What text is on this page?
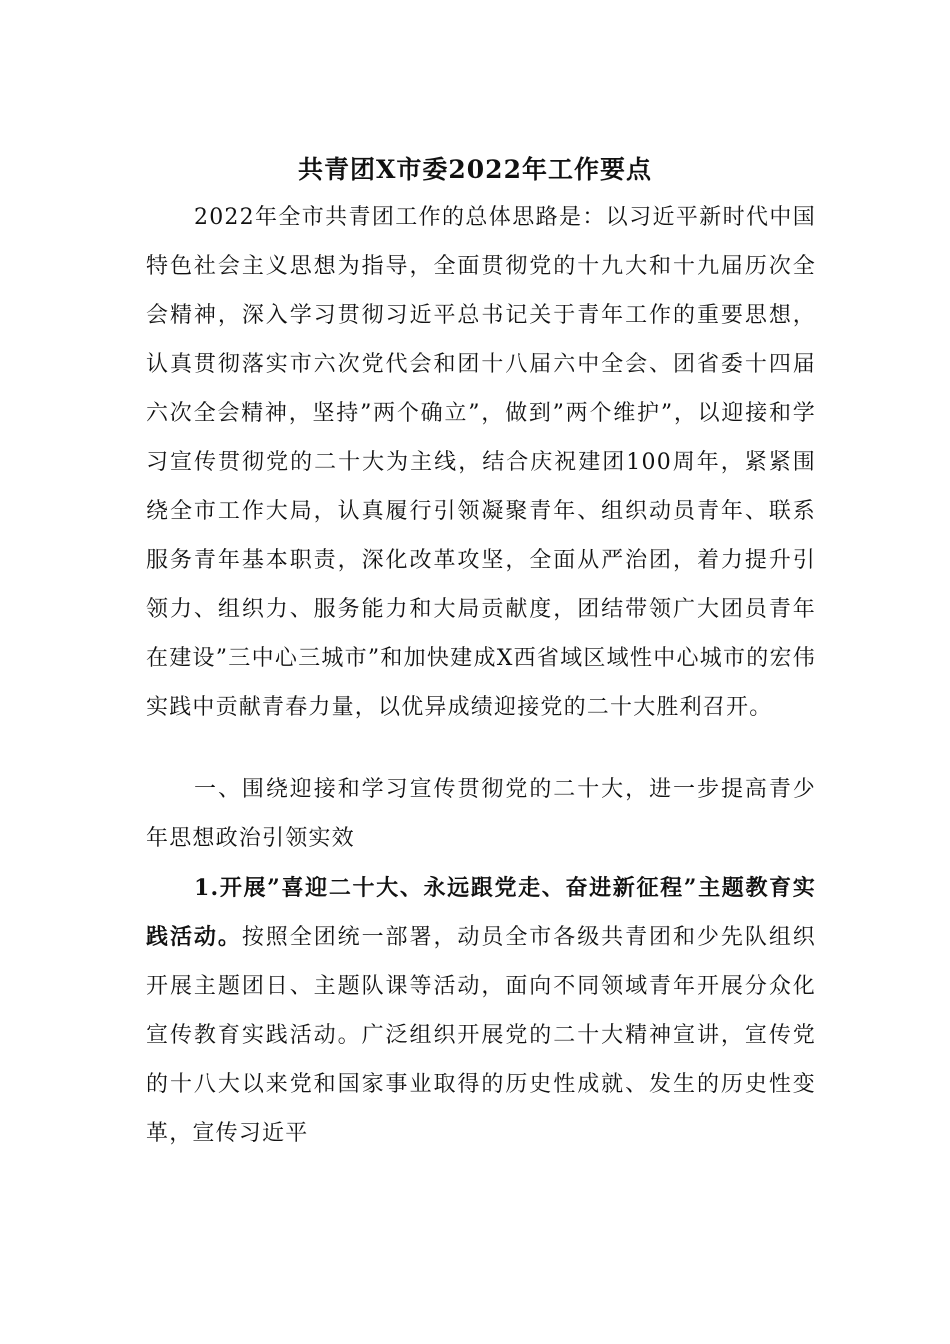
共青团X市委2022年工作要点

2022年全市共青团工作的总体思路是：以习近平新时代中国特色社会主义思想为指导，全面贯彻党的十九大和十九届历次全会精神，深入学习贯彻习近平总书记关于青年工作的重要思想，认真贯彻落实市六次党代会和团十八届六中全会、团省委十四届六次全会精神，坚持”两个确立”，做到”两个维护”，以迎接和学习宣传贯彻党的二十大为主线，结合庆祝建团100周年，紧紧围绕全市工作大局，认真履行引领凝聚青年、组织动员青年、联系服务青年基本职责，深化改革攻坚，全面从严治团，着力提升引领力、组织力、服务能力和大局贡献度，团结带领广大团员青年在建设”三中心三城市”和加快建成X西省域区域性中心城市的宏伟实践中贡献青春力量，以优异成绩迎接党的二十大胜利召开。

一、围绕迎接和学习宣传贯彻党的二十大，进一步提高青少年思想政治引领实效

1.开展”喜迎二十大、永远跟党走、奋进新征程”主题教育实践活动。按照全团统一部署，动员全市各级共青团和少先队组织开展主题团日、主题队课等活动，面向不同领域青年开展分众化宣传教育实践活动。广泛组织开展党的二十大精神宣讲，宣传党的十八大以来党和国家事业取得的历史性成就、发生的历史性变革，宣传习近平
